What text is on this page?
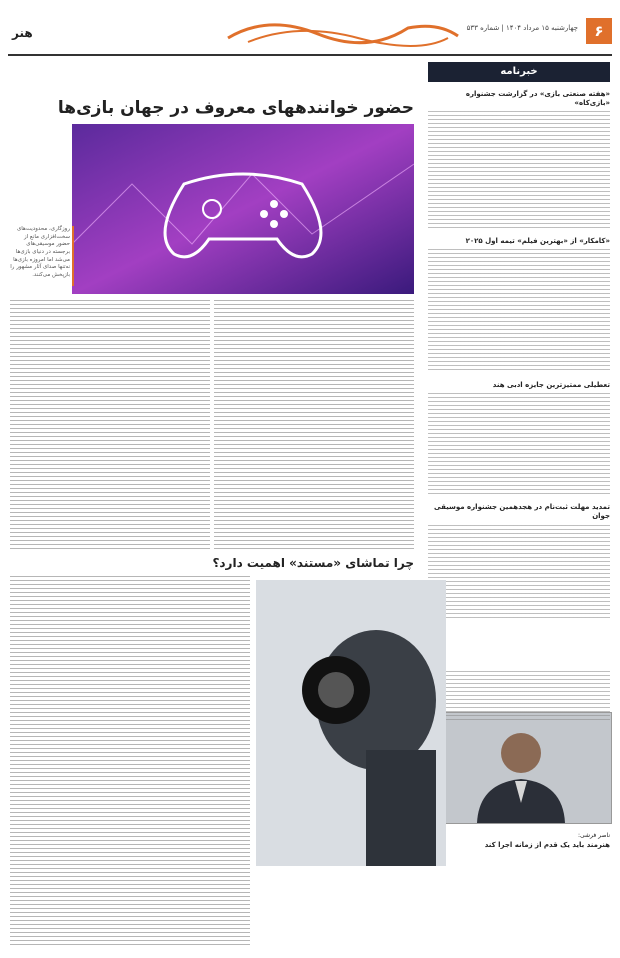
هنر	۶
چهارشنبه ۱۵ مرداد ۱۴۰۴ | شماره ۵۳۳
خبرنامه
«هفته صنعتی بازی» در گزارشت جشنواره «بازی‌کاه»
«کامکار» از «بهترین فیلم» تیمه اول ۲۰۲۵
تعطیلی ممتیزترین جایزه ادبی هند
تمدید مهلت ثبت‌نام در هجدهمین جشنواره موسیقی جوان
ناصر فرشی:
هنرمند باید یک قدم از زمانه اجرا کند
حضور خوانندههای معروف در جهان بازی‌ها
روزگاری، محدودیت‌های سخت‌افزاری مانع از حضور موسیقی‌های برجسته در دنیای بازی‌ها می‌شد اما امروزه بازی‌ها نه‌تنها صدای آثار مشهور را بازپخش می‌کنند.
چرا تماشای «مستند» اهمیت دارد؟
